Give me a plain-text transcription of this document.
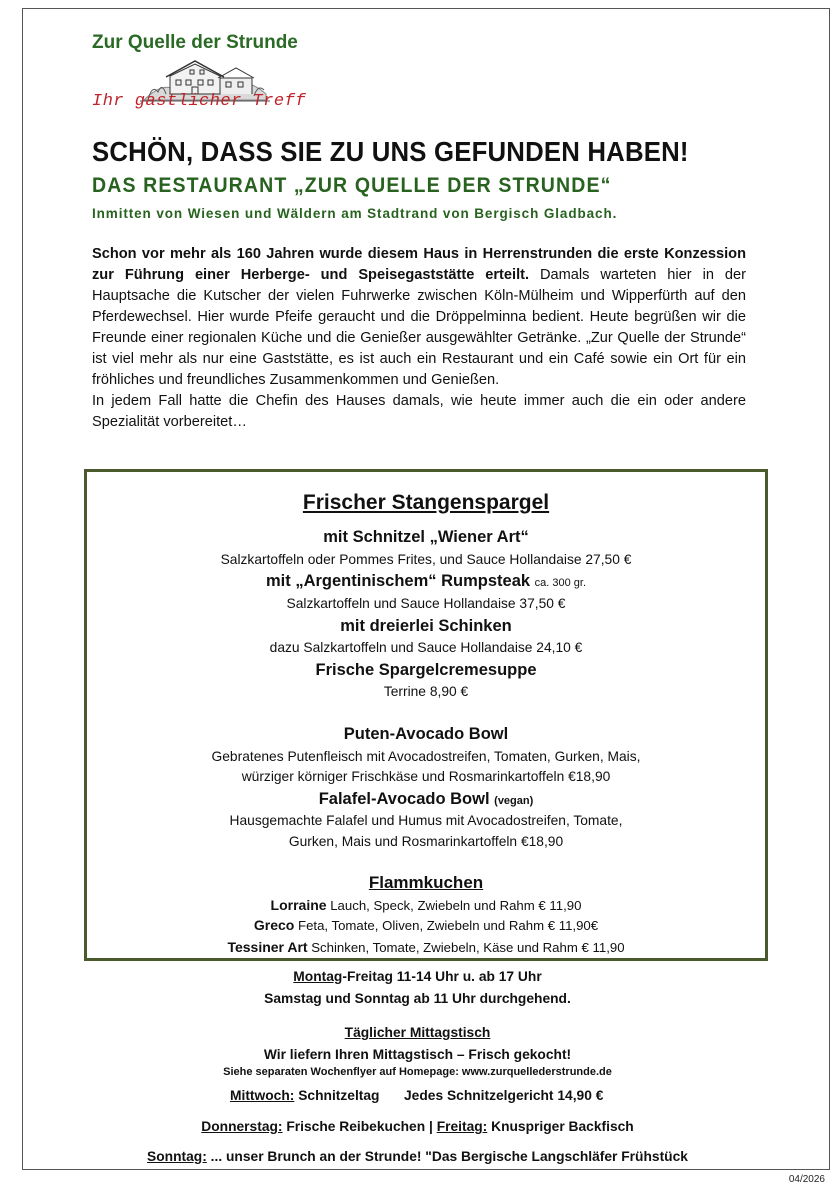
Zur Quelle der Strunde
Ihr gastlicher Treff
SCHÖN, DASS SIE ZU UNS GEFUNDEN HABEN!
DAS RESTAURANT „ZUR QUELLE DER STRUNDE“
Inmitten von Wiesen und Wäldern am Stadtrand von Bergisch Gladbach.

Schon vor mehr als 160 Jahren wurde diesem Haus in Herrenstrunden die erste Konzession zur Führung einer Herberge- und Speisegaststätte erteilt. Damals warteten hier in der Hauptsache die Kutscher der vielen Fuhrwerke zwischen Köln-Mülheim und Wipperfürth auf den Pferdewechsel. Hier wurde Pfeife geraucht und die Dröppelminna bedient. Heute begrüßen wir die Freunde einer regionalen Küche und die Genießer ausgewählter Getränke. „Zur Quelle der Strunde“ ist viel mehr als nur eine Gaststätte, es ist auch ein Restaurant und ein Café sowie ein Ort für ein fröhliches und freundliches Zusammenkommen und Genießen.

In jedem Fall hatte die Chefin des Hauses damals, wie heute immer auch die ein oder andere Spezialität vorbereitet…

Frischer Stangenspargel
mit Schnitzel „Wiener Art“
Salzkartoffeln oder Pommes Frites, und Sauce Hollandaise 27,50 €
mit „Argentinischem“ Rumpsteak ca. 300 gr.
Salzkartoffeln und Sauce Hollandaise 37,50 €
mit dreierlei Schinken
dazu Salzkartoffeln und Sauce Hollandaise 24,10 €
Frische Spargelcremesuppe
Terrine 8,90 €
Puten-Avocado Bowl
Gebratenes Putenfleisch mit Avocadostreifen, Tomaten, Gurken, Mais,
würziger körniger Frischkäse und Rosmarinkartoffeln €18,90
Falafel-Avocado Bowl (vegan)
Hausgemachte Falafel und Humus mit Avocadostreifen, Tomate,
Gurken, Mais und Rosmarinkartoffeln €18,90
Flammkuchen
Lorraine Lauch, Speck, Zwiebeln und Rahm € 11,90
Greco Feta, Tomate, Oliven, Zwiebeln und Rahm € 11,90€
Tessiner Art Schinken, Tomate, Zwiebeln, Käse und Rahm € 11,90
Montag-Freitag 11-14 Uhr u. ab 17 Uhr
Samstag und Sonntag ab 11 Uhr durchgehend.
Täglicher Mittagstisch
Wir liefern Ihren Mittagstisch – Frisch gekocht!
Siehe separaten Wochenflyer auf Homepage: www.zurquellederstrunde.de
Mittwoch: Schnitzeltag Jedes Schnitzelgericht 14,90 €
Donnerstag: Frische Reibekuchen | Freitag: Knuspriger Backfisch
Sonntag: ... unser Brunch an der Strunde! "Das Bergische Langschläfer Frühstück
04/2026
